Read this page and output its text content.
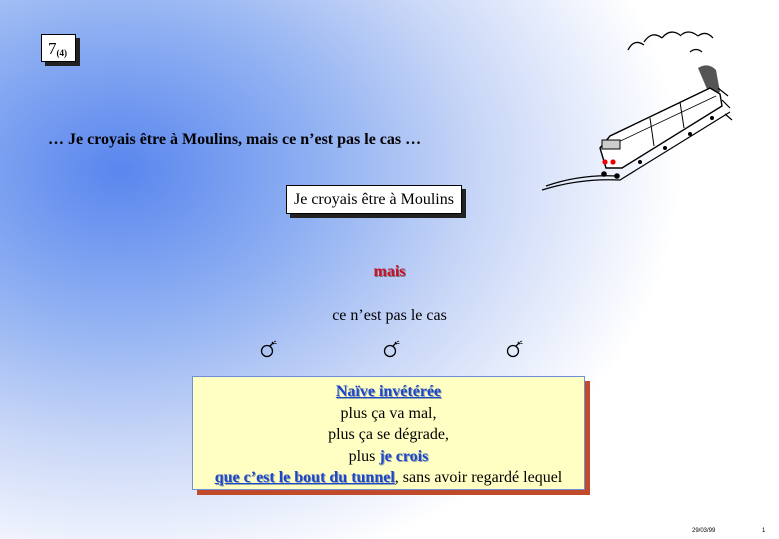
$7_{(4)}$
… Je croyais être à Moulins, mais ce n’est pas le cas …
Je croyais être à Moulins
mais
ce n’est pas le cas
Naïve invétérée
plus ça va mal,
plus ça se dégrade,
plus je crois
que c’est le bout du tunnel, sans avoir regardé lequel
29/03/99	1
